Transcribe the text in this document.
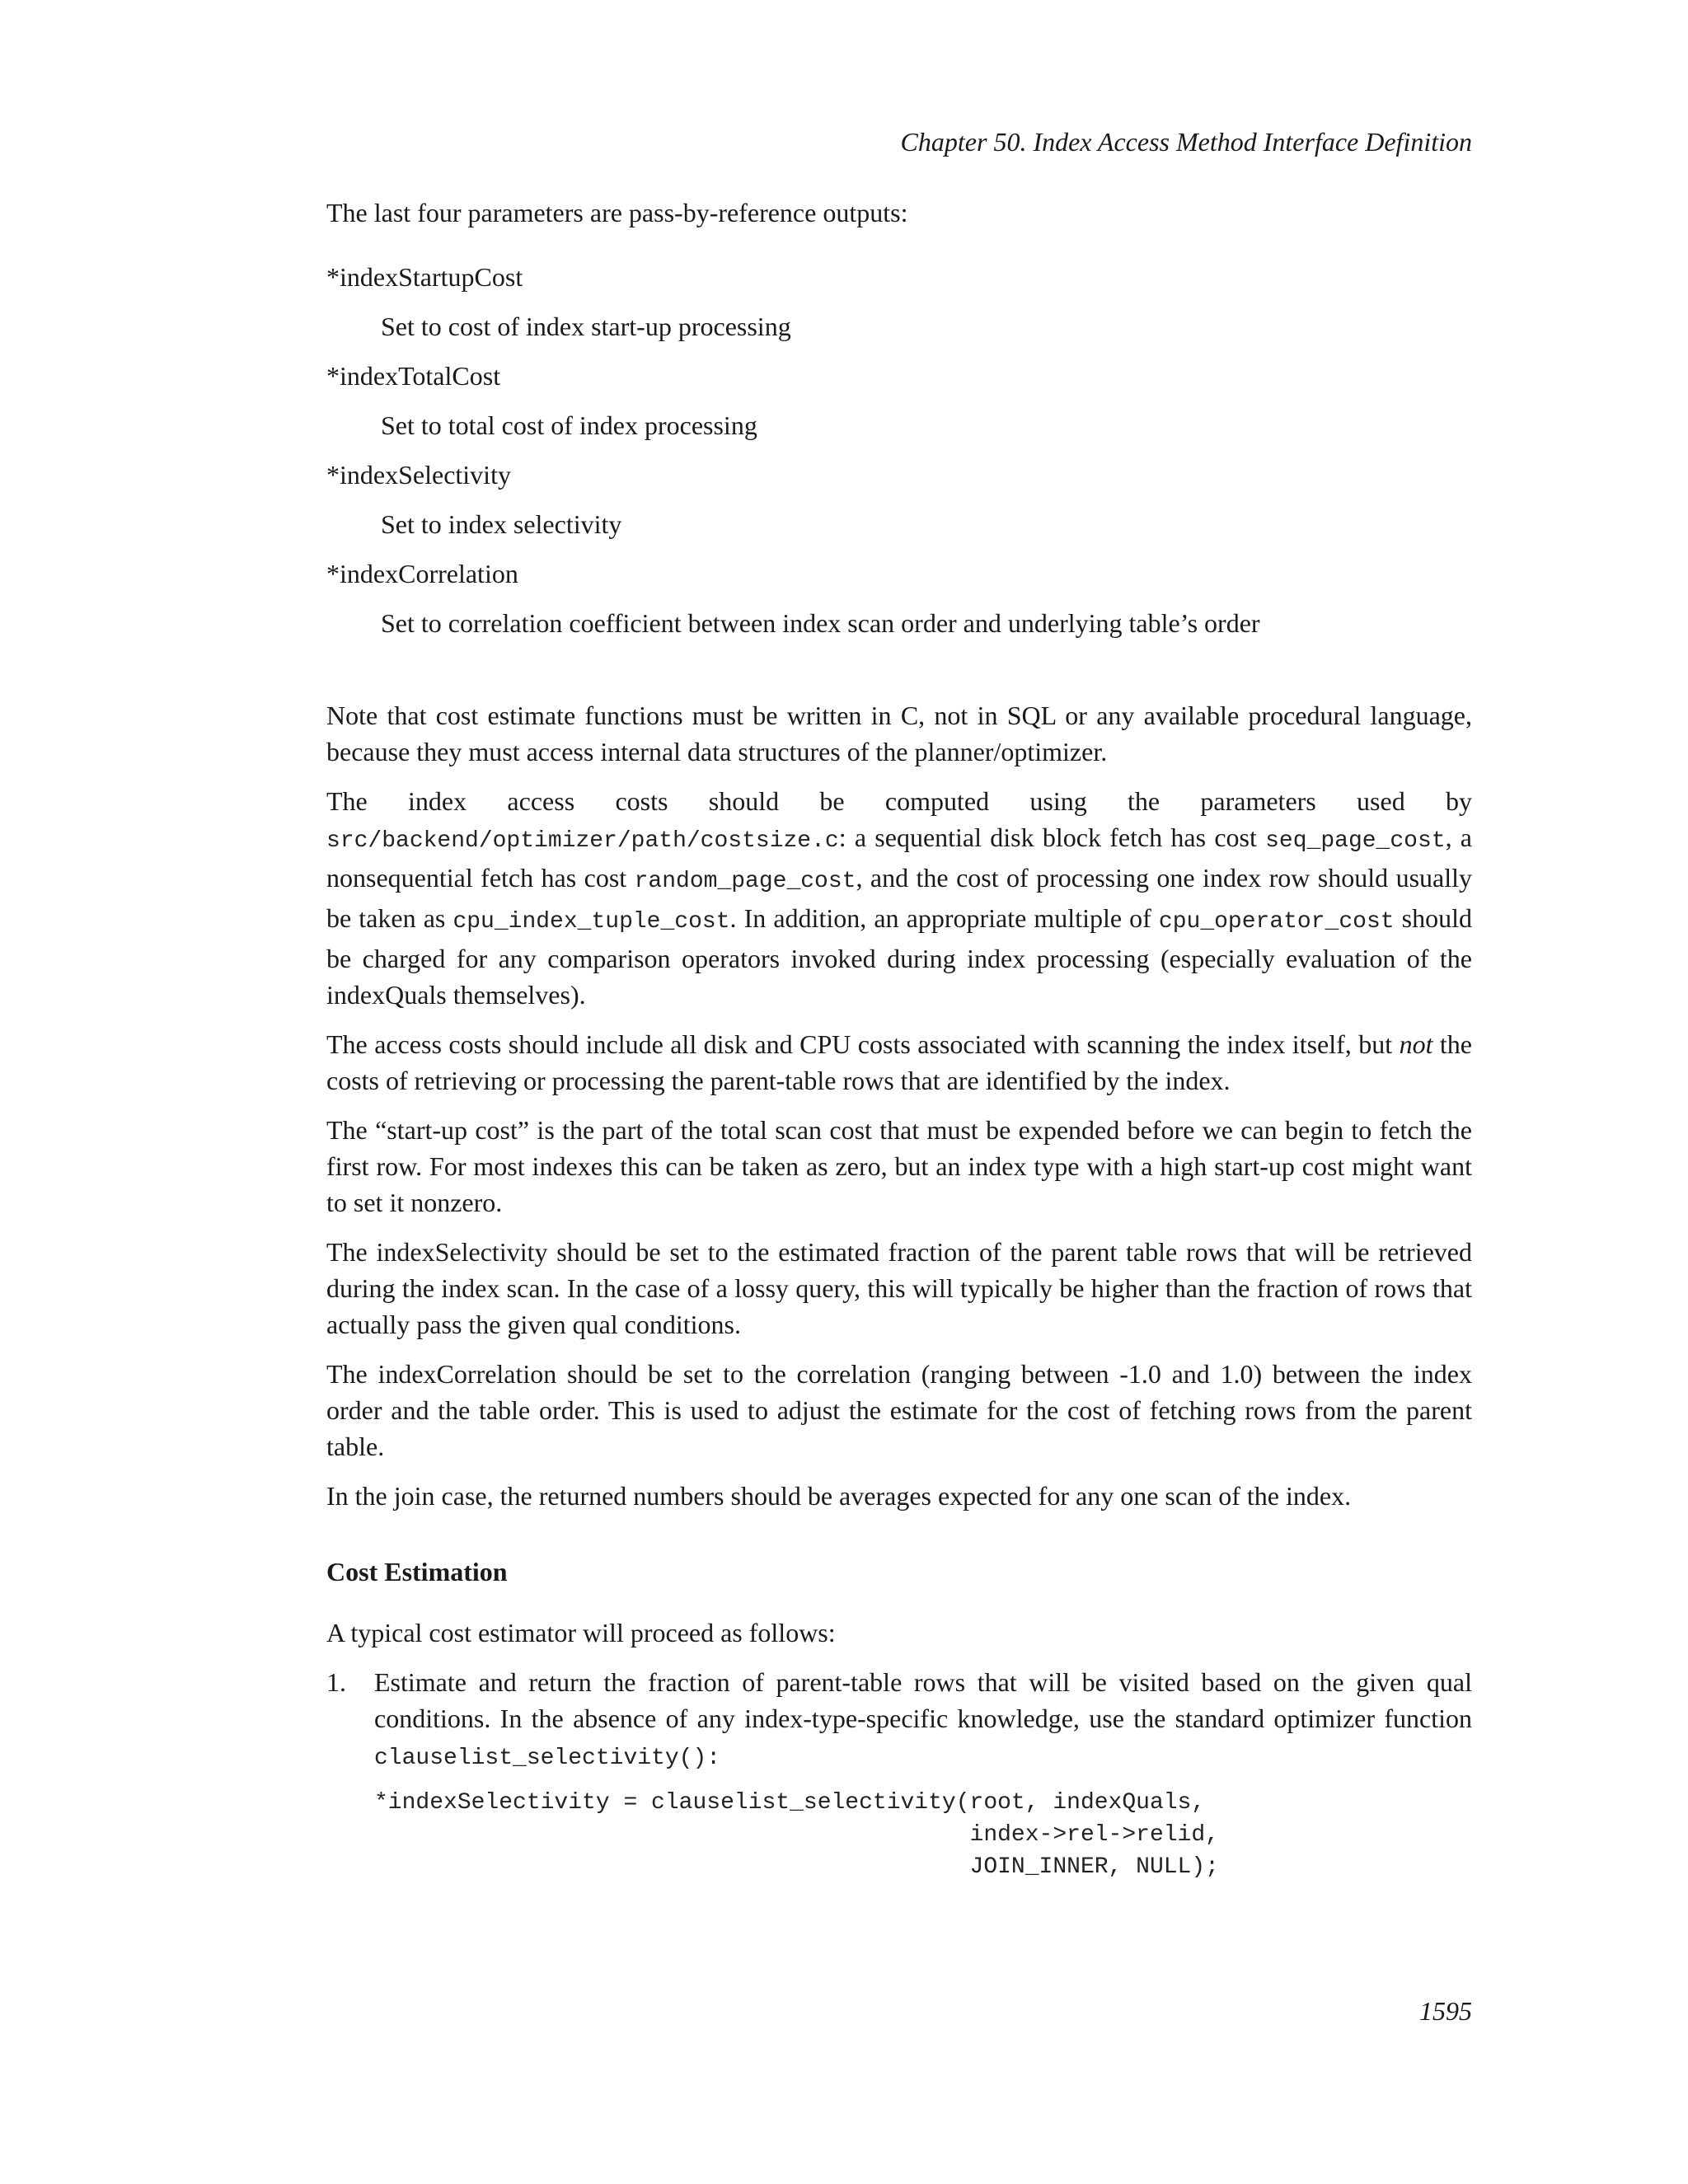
Chapter 50. Index Access Method Interface Definition

The last four parameters are pass-by-reference outputs:

*indexStartupCost
Set to cost of index start-up processing
*indexTotalCost
Set to total cost of index processing
*indexSelectivity
Set to index selectivity
*indexCorrelation
Set to correlation coefficient between index scan order and underlying table’s order

Note that cost estimate functions must be written in C, not in SQL or any available procedural language, because they must access internal data structures of the planner/optimizer.

The index access costs should be computed using the parameters used by src/backend/optimizer/path/costsize.c: a sequential disk block fetch has cost seq_page_cost, a nonsequential fetch has cost random_page_cost, and the cost of processing one index row should usually be taken as cpu_index_tuple_cost. In addition, an appropriate multiple of cpu_operator_cost should be charged for any comparison operators invoked during index processing (especially evaluation of the indexQuals themselves).

The access costs should include all disk and CPU costs associated with scanning the index itself, but not the costs of retrieving or processing the parent-table rows that are identified by the index.

The “start-up cost” is the part of the total scan cost that must be expended before we can begin to fetch the first row. For most indexes this can be taken as zero, but an index type with a high start-up cost might want to set it nonzero.

The indexSelectivity should be set to the estimated fraction of the parent table rows that will be retrieved during the index scan. In the case of a lossy query, this will typically be higher than the fraction of rows that actually pass the given qual conditions.

The indexCorrelation should be set to the correlation (ranging between -1.0 and 1.0) between the index order and the table order. This is used to adjust the estimate for the cost of fetching rows from the parent table.

In the join case, the returned numbers should be averages expected for any one scan of the index.

Cost Estimation

A typical cost estimator will proceed as follows:

1. Estimate and return the fraction of parent-table rows that will be visited based on the given qual conditions. In the absence of any index-type-specific knowledge, use the standard optimizer function clauselist_selectivity():

*indexSelectivity = clauselist_selectivity(root, indexQuals,
index->rel->relid,
JOIN_INNER, NULL);
1595
